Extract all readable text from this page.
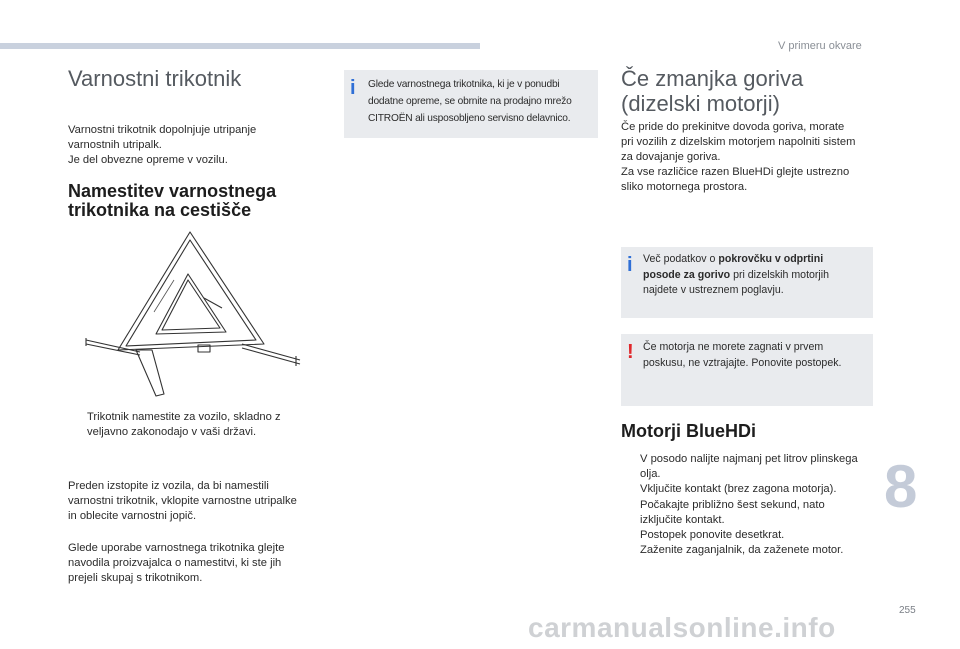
V primeru okvare
Varnostni trikotnik
Varnostni trikotnik dopolnjuje utripanje
varnostnih utripalk.
Je del obvezne opreme v vozilu.
Namestitev varnostnega
trikotnika na cestišče
Trikotnik namestite za vozilo, skladno z
veljavno zakonodajo v vaši državi.
Preden izstopite iz vozila, da bi namestili
varnostni trikotnik, vklopite varnostne utripalke
in oblecite varnostni jopič.
Glede uporabe varnostnega trikotnika glejte
navodila proizvajalca o namestitvi, ki ste jih
prejeli skupaj s trikotnikom.
i Glede varnostnega trikotnika, ki je v ponudbi
dodatne opreme, se obrnite na prodajno mrežo
CITROËN ali usposobljeno servisno delavnico.
Če zmanjka goriva
(dizelski motorji)
Če pride do prekinitve dovoda goriva, morate
pri vozilih z dizelskim motorjem napolniti sistem
za dovajanje goriva.
Za vse različice razen BlueHDi glejte ustrezno
sliko motornega prostora.
i Več podatkov o pokrovčku v odprtini
posode za gorivo pri dizelskih motorjih
najdete v ustreznem poglavju.
! Če motorja ne morete zagnati v prvem
poskusu, ne vztrajajte. Ponovite postopek.
Motorji BlueHDi
V posodo nalijte najmanj pet litrov plinskega
olja.
Vključite kontakt (brez zagona motorja).
Počakajte približno šest sekund, nato
izključite kontakt.
Postopek ponovite desetkrat.
Zaženite zaganjalnik, da zaženete motor.
8
255
carmanualsonline.info
